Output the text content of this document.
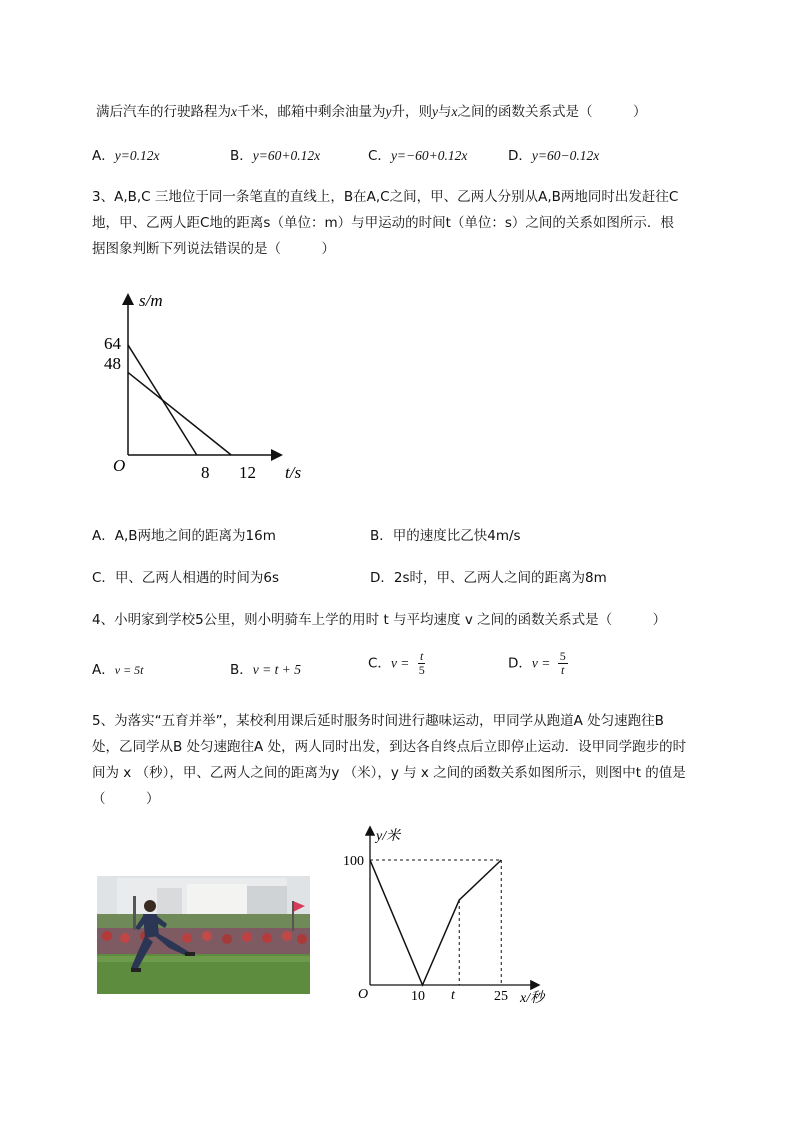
满后汽车的行驶路程为x千米，邮箱中剩余油量为y升，则y与x之间的函数关系式是（　　　）
A．y=0.12x	B．y=60+0.12x	C．y=−60+0.12x	D．y=60−0.12x
3、A,B,C 三地位于同一条笔直的直线上，B在A,C之间，甲、乙两人分别从A,B两地同时出发赶往C
地，甲、乙两人距C地的距离s（单位：m）与甲运动的时间t（单位：s）之间的关系如图所示．根
据图象判断下列说法错误的是（　　　）
s/m
t/s
O
64
48
8 12
A．A,B两地之间的距离为16m	B．甲的速度比乙快4m/s
C．甲、乙两人相遇的时间为6s	D．2s时，甲、乙两人之间的距离为8m
4、小明家到学校5公里，则小明骑车上学的用时 t 与平均速度 v 之间的函数关系式是（　　　）
A．v = 5t	B．v = t + 5	C．$v = \frac{t}{5}$	D．$v = \frac{5}{t}$
5、为落实“五育并举”，某校利用课后延时服务时间进行趣味运动，甲同学从跑道A 处匀速跑往B
处，乙同学从B 处匀速跑往A 处，两人同时出发，到达各自终点后立即停止运动．设甲同学跑步的时
间为 x （秒），甲、乙两人之间的距离为y （米），y 与 x 之间的函数关系如图所示，则图中t 的值是
（　　　）
y/米
x/秒
O
100
10 t	25
